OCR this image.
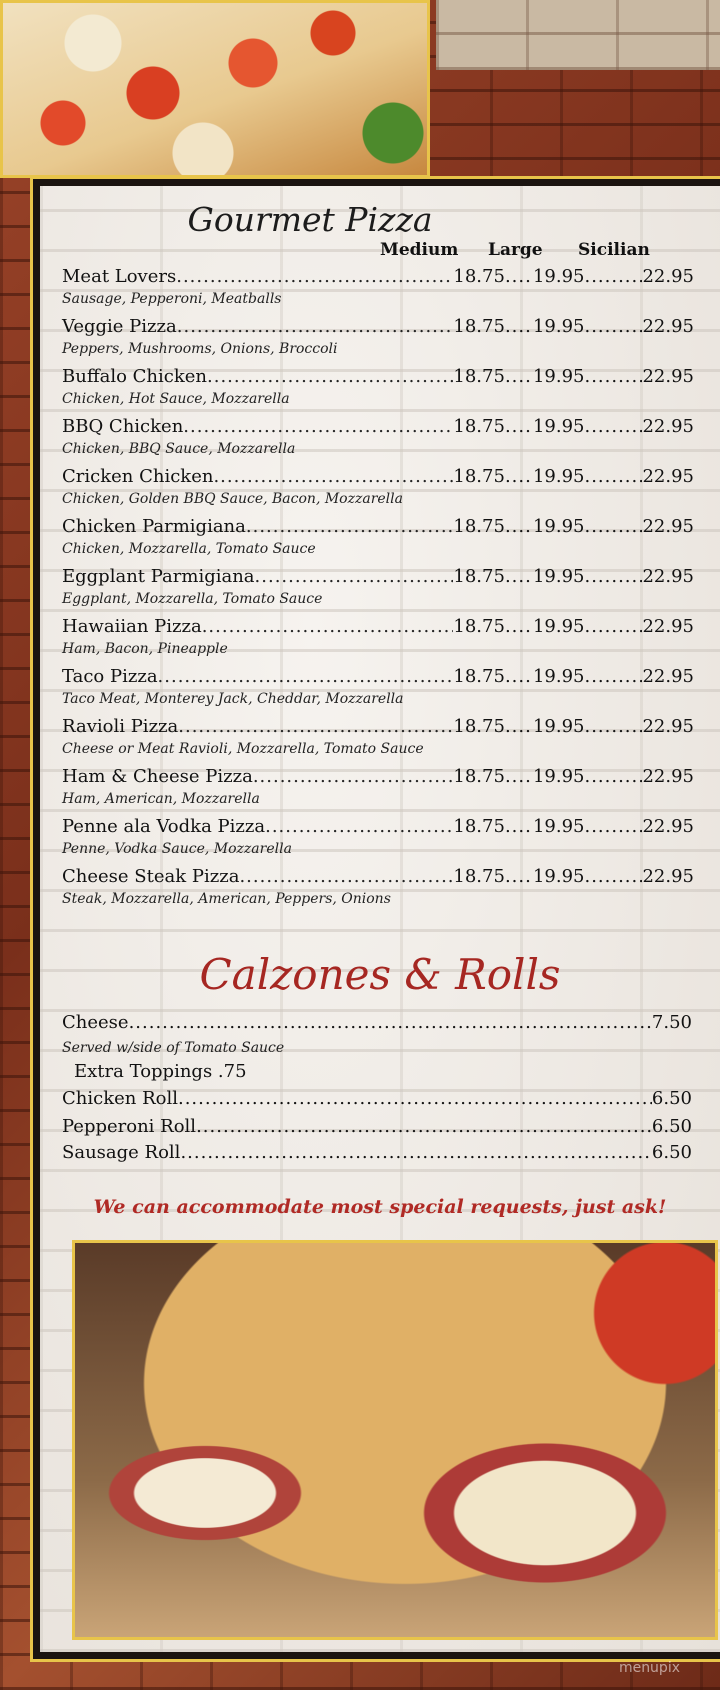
Gourmet Pizza
Medium Large Sicilian
Meat Lovers .....	18.75 ..... 19.95 .....	22.95
Sausage, Pepperoni, Meatballs
Veggie Pizza .....	18.75 ..... 19.95 .....	22.95
Peppers, Mushrooms, Onions, Broccoli
Buffalo Chicken .....	18.75 ..... 19.95 .....	22.95
Chicken, Hot Sauce, Mozzarella
BBQ Chicken .....	18.75 ..... 19.95 .....	22.95
Chicken, BBQ Sauce, Mozzarella
Cricken Chicken .....	18.75 ..... 19.95 .....	22.95
Chicken, Golden BBQ Sauce, Bacon, Mozzarella
Chicken Parmigiana .....	18.75 ..... 19.95 .....	22.95
Chicken, Mozzarella, Tomato Sauce
Eggplant Parmigiana .....	18.75 ..... 19.95 .....	22.95
Eggplant, Mozzarella, Tomato Sauce
Hawaiian Pizza .....	18.75 ..... 19.95 .....	22.95
Ham, Bacon, Pineapple
Taco Pizza .....	18.75 ..... 19.95 .....	22.95
Taco Meat, Monterey Jack, Cheddar, Mozzarella
Ravioli Pizza .....	18.75 ..... 19.95 .....	22.95
Cheese or Meat Ravioli, Mozzarella, Tomato Sauce
Ham & Cheese Pizza .....	18.75 ..... 19.95 .....	22.95
Ham, American, Mozzarella
Penne ala Vodka Pizza .....	18.75 ..... 19.95 .....	22.95
Penne, Vodka Sauce, Mozzarella
Cheese Steak Pizza .....	18.75 ..... 19.95 .....	22.95
Steak, Mozzarella, American, Peppers, Onions
Calzones & Rolls
Cheese .....	7.50
Served w/side of Tomato Sauce
Extra Toppings .75
Chicken Roll .....	6.50
Pepperoni Roll .....	6.50
Sausage Roll .....	6.50
We can accommodate most special requests, just ask!
menupix
